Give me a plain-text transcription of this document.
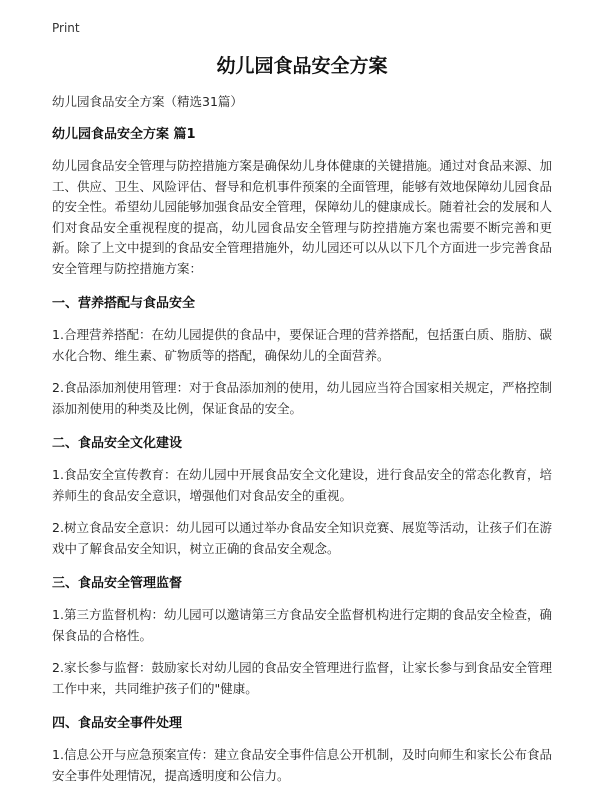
Print
幼儿园食品安全方案
幼儿园食品安全方案（精选31篇）
幼儿园食品安全方案 篇1

幼儿园食品安全管理与防控措施方案是确保幼儿身体健康的关键措施。通过对食品来源、加工、供应、卫生、风险评估、督导和危机事件预案的全面管理，能够有效地保障幼儿园食品的安全性。希望幼儿园能够加强食品安全管理，保障幼儿的健康成长。随着社会的发展和人们对食品安全重视程度的提高，幼儿园食品安全管理与防控措施方案也需要不断完善和更新。除了上文中提到的食品安全管理措施外，幼儿园还可以从以下几个方面进一步完善食品安全管理与防控措施方案：

一、营养搭配与食品安全

1.合理营养搭配：在幼儿园提供的食品中，要保证合理的营养搭配，包括蛋白质、脂肪、碳水化合物、维生素、矿物质等的搭配，确保幼儿的全面营养。

2.食品添加剂使用管理：对于食品添加剂的使用，幼儿园应当符合国家相关规定，严格控制添加剂使用的种类及比例，保证食品的安全。

二、食品安全文化建设

1.食品安全宣传教育：在幼儿园中开展食品安全文化建设，进行食品安全的常态化教育，培养师生的食品安全意识，增强他们对食品安全的重视。

2.树立食品安全意识：幼儿园可以通过举办食品安全知识竞赛、展览等活动，让孩子们在游戏中了解食品安全知识，树立正确的食品安全观念。

三、食品安全管理监督

1.第三方监督机构：幼儿园可以邀请第三方食品安全监督机构进行定期的食品安全检查，确保食品的合格性。

2.家长参与监督：鼓励家长对幼儿园的食品安全管理进行监督，让家长参与到食品安全管理工作中来，共同维护孩子们的"健康。

四、食品安全事件处理

1.信息公开与应急预案宣传：建立食品安全事件信息公开机制，及时向师生和家长公布食品安全事件处理情况，提高透明度和公信力。
